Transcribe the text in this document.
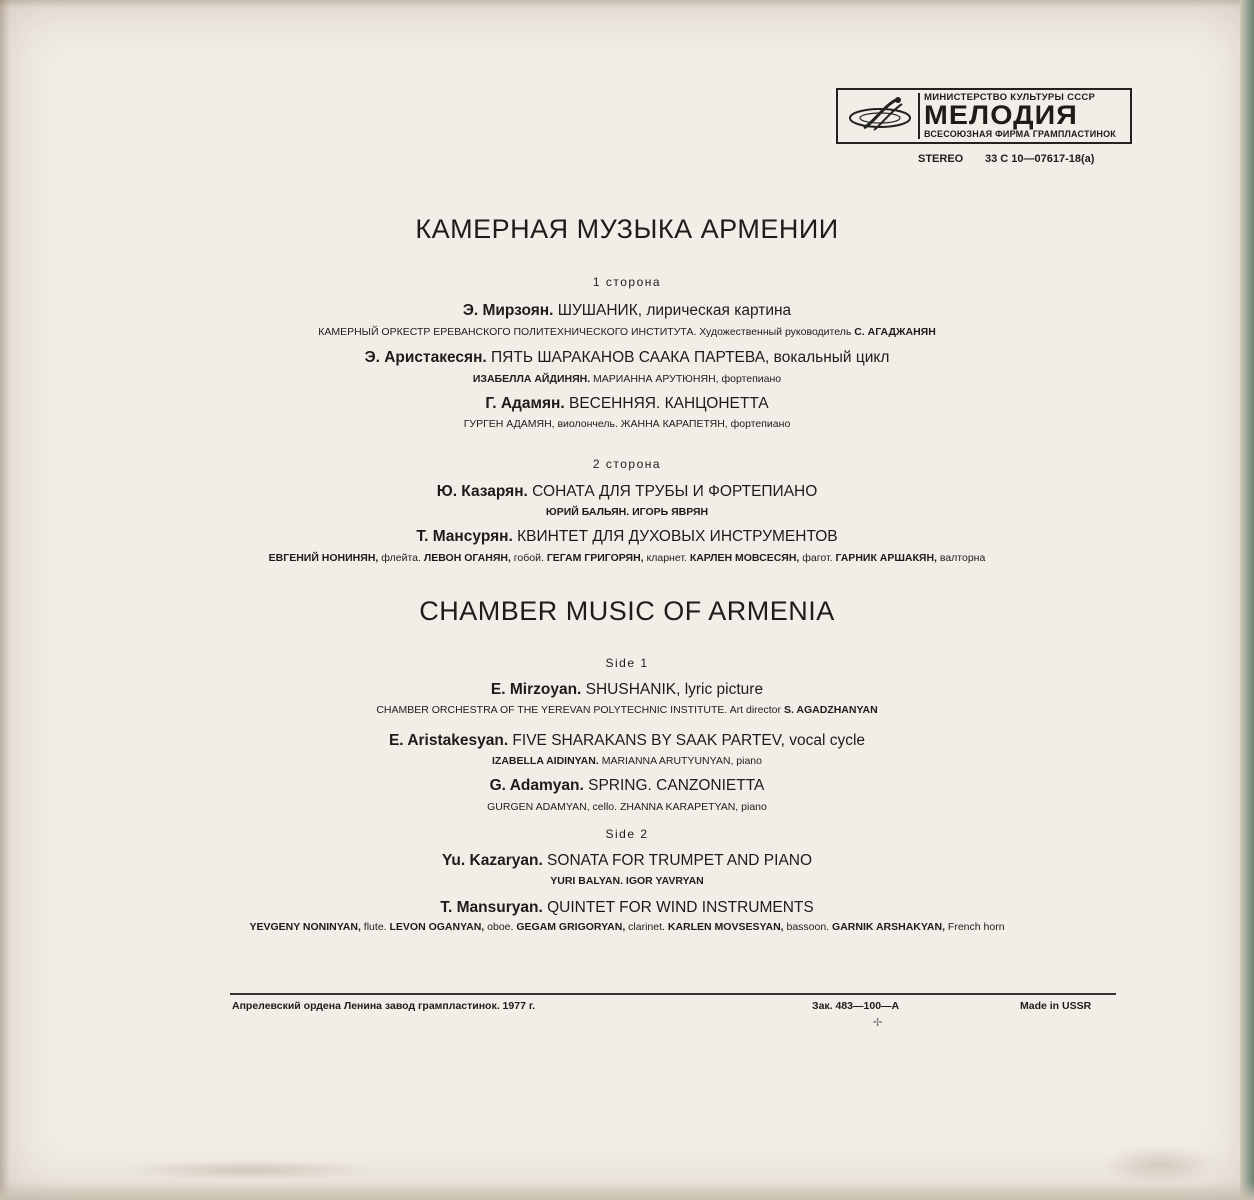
МИНИСТЕРСТВО КУЛЬТУРЫ СССР
МЕЛОДИЯ
ВСЕСОЮЗНАЯ ФИРМА ГРАМПЛАСТИНОК
STEREO 33 С 10—07617-18(а)
КАМЕРНАЯ МУЗЫКА АРМЕНИИ
1 сторона
Э. Мирзоян. ШУШАНИК, лирическая картина
КАМЕРНЫЙ ОРКЕСТР ЕРЕВАНСКОГО ПОЛИТЕХНИЧЕСКОГО ИНСТИТУТА. Художественный руководитель С. АГАДЖАНЯН
Э. Аристакесян. ПЯТЬ ШАРАКАНОВ СААКА ПАРТЕВА, вокальный цикл
ИЗАБЕЛЛА АЙДИНЯН. МАРИАННА АРУТЮНЯН, фортепиано
Г. Адамян. ВЕСЕННЯЯ. КАНЦОНЕТТА
ГУРГЕН АДАМЯН, виолончель. ЖАННА КАРАПЕТЯН, фортепиано
2 сторона
Ю. Казарян. СОНАТА ДЛЯ ТРУБЫ И ФОРТЕПИАНО
ЮРИЙ БАЛЬЯН. ИГОРЬ ЯВРЯН
Т. Мансурян. КВИНТЕТ ДЛЯ ДУХОВЫХ ИНСТРУМЕНТОВ
ЕВГЕНИЙ НОНИНЯН, флейта. ЛЕВОН ОГАНЯН, гобой. ГЕГАМ ГРИГОРЯН, кларнет. КАРЛЕН МОВСЕСЯН, фагот. ГАРНИК АРШАКЯН, валторна
CHAMBER MUSIC OF ARMENIA
Side 1
E. Mirzoyan. SHUSHANIK, lyric picture
CHAMBER ORCHESTRA OF THE YEREVAN POLYTECHNIC INSTITUTE. Art director S. AGADZHANYAN
E. Aristakesyan. FIVE SHARAKANS BY SAAK PARTEV, vocal cycle
IZABELLA AIDINYAN. MARIANNA ARUTYUNYAN, piano
G. Adamyan. SPRING. CANZONIETTA
GURGEN ADAMYAN, cello. ZHANNA KARAPETYAN, piano
Side 2
Yu. Kazaryan. SONATA FOR TRUMPET AND PIANO
YURI BALYAN. IGOR YAVRYAN
T. Mansuryan. QUINTET FOR WIND INSTRUMENTS
YEVGENY NONINYAN, flute. LEVON OGANYAN, oboe. GEGAM GRIGORYAN, clarinet. KARLEN MOVSESYAN, bassoon. GARNIK ARSHAKYAN, French horn
Апрелевский ордена Ленина завод грампластинок. 1977 г.	Зак. 483—100—А	Made in USSR
✢
